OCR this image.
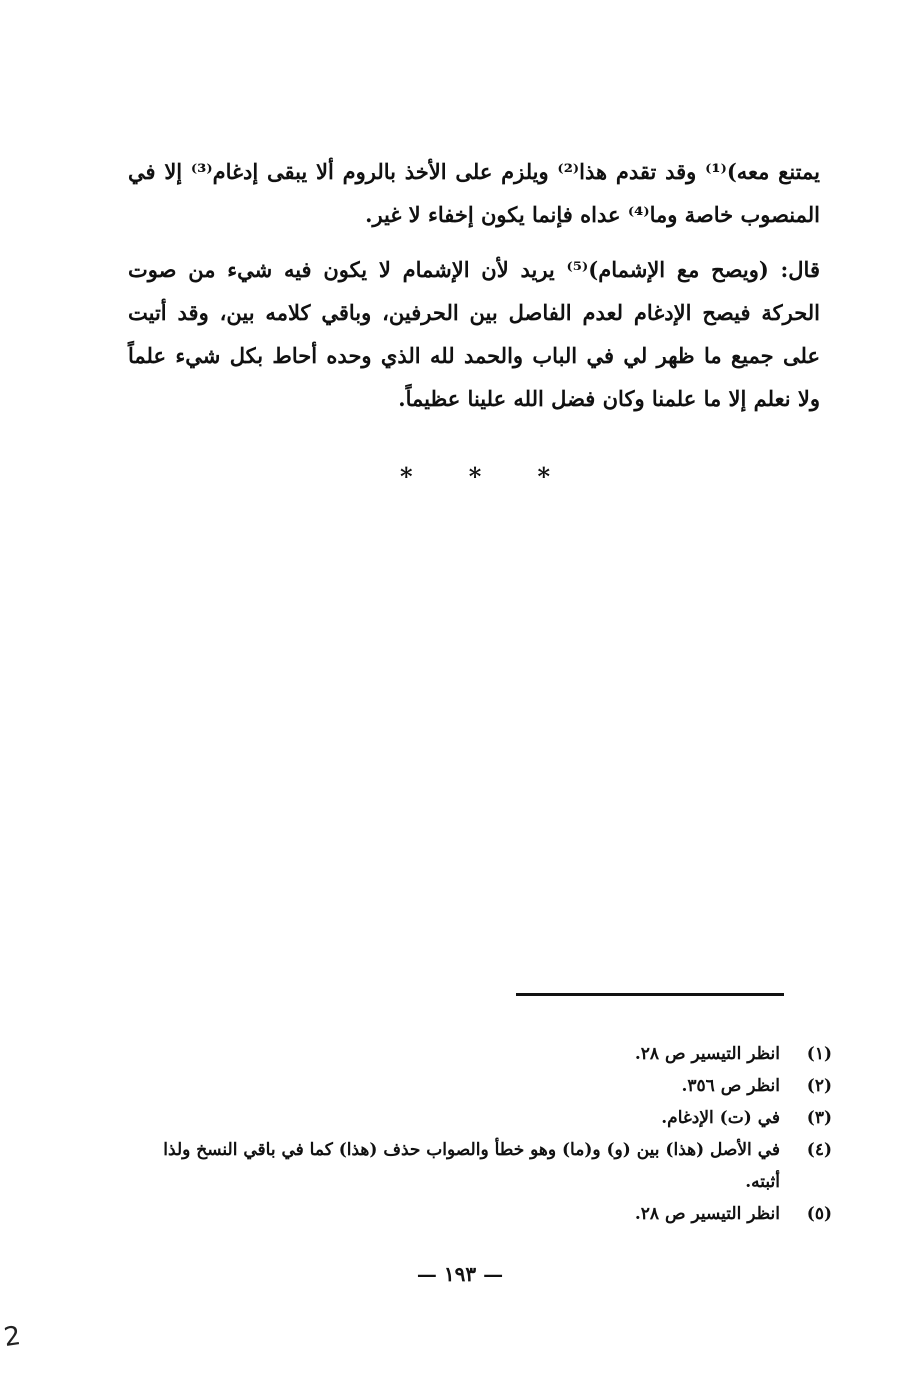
يمتنع معه)⁽¹⁾ وقد تقدم هذا⁽²⁾ ويلزم على الأخذ بالروم ألا يبقى إدغام⁽³⁾ إلا في المنصوب خاصة وما⁽⁴⁾ عداه فإنما يكون إخفاء لا غير.

قال: (ويصح مع الإشمام)⁽⁵⁾ يريد لأن الإشمام لا يكون فيه شيء من صوت الحركة فيصح الإدغام لعدم الفاصل بين الحرفين، وباقي كلامه بين، وقد أتيت على جميع ما ظهر لي في الباب والحمد لله الذي وحده أحاط بكل شيء علماً ولا نعلم إلا ما علمنا وكان فضل الله علينا عظيماً.

* * *
(١)
انظر التيسير ص ٢٨.
(٢)
انظر ص ٣٥٦.
(٣)
في (ت) الإدغام.
(٤)
في الأصل (هذا) بين (و) و(ما) وهو خطأ والصواب حذف (هذا) كما في باقي النسخ ولذا أثبته.
(٥)
انظر التيسير ص ٢٨.
— ١٩٣ —
2
